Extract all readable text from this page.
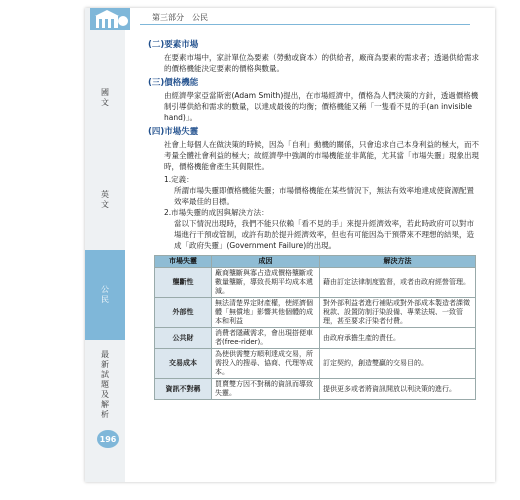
第三部分　公民
國文
英文
公民
最新試題及解析
196
(二)要素市場
在要素市場中，家計單位為要素（勞動或資本）的供給者，廠商為要素的需求者；透過供給需求的價格機能決定要素的價格與數量。
(三)價格機能
由經濟學家亞當斯密(Adam Smith)提出，在市場經濟中，價格為人們決策的方針，透過價格機制引導供給和需求的數量，以達成最後的均衡；價格機能又稱「一隻看不見的手(an invisible hand)」。
(四)市場失靈
社會上每個人在做決策的時候，因為「自利」動機的關係，只會追求自己本身利益的極大，而不考量全體社會利益的極大；故經濟學中強調的市場機能並非萬能，尤其當「市場失靈」現象出現時，價格機能會產生其侷限性。
1.定義：
所謂市場失靈即價格機能失靈；市場價格機能在某些情況下，無法有效率地達成使資源配置效率最佳的目標。
2.市場失靈的成因與解決方法：
當以下情況出現時，我們不能只依賴「看不見的手」來提升經濟效率，若此時政府可以對市場進行干預或管制，或許有助於提升經濟效率，但也有可能因為干預帶來不理想的結果，造成「政府失靈」(Government Failure)的出現。
市場失靈	成因	解決方法
壟斷性	廠商壟斷與寡占造成價格壟斷或數量壟斷，導致長期平均成本遞減。	藉由訂定法律制度監督，或者由政府經營管理。
外部性	無法清楚界定財產權，使經濟個體「無償地」影響其他個體的成本和利益	對外部利益者進行補貼或對外部成本製造者課徵稅款、設置防制汙染設備、專業法規、一致管理，甚至要求汙染者付費。
公共財	消費者隱藏需求，會出現搭便車者(free-rider)。	由政府承擔生產的責任。
交易成本	為使供需雙方順利達成交易，所需投入的搜尋、協商、代理等成本。	訂定契約，創造雙贏的交易目的。
資訊不對稱	買賣雙方因不對稱的資訊而導致失靈。	提供更多或者將資訊開放以利決策的進行。
